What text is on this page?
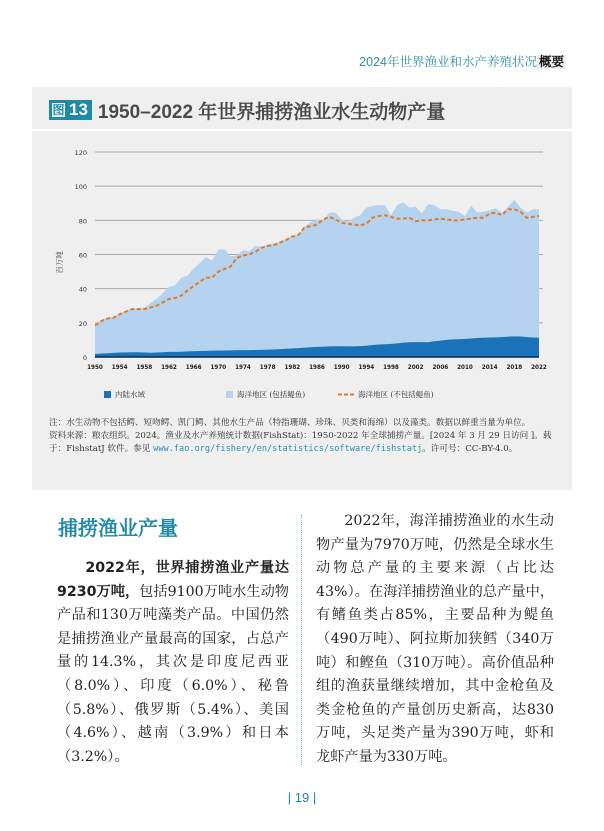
2024年世界渔业和水产养殖状况 概要
图 13 1950–2022 年世界捕捞渔业水生动物产量
0
20
40
60
80
100
120
百万吨
1950 1954 1958 1962 1966 1970 1974 1978 1982 1986 1990 1994 1998 2002 2006 2010 2014 2018 2022
内陆水域	海洋地区 (包括鳀鱼)	海洋地区 (不包括鳀鱼)
注：水生动物不包括鳄、短吻鳄、凯门鳄、其他水生产品（特指珊瑚、珍珠、贝类和海绵）以及藻类。数据以鲜重当量为单位。
资料来源：粮农组织。2024。渔业及水产养殖统计数据(FishStat)：1950-2022 年全球捕捞产量。[2024 年 3 月 29 日访问 ]。载于：FishstatJ 软件。参见 www.fao.org/fishery/en/statistics/software/fishstatj。许可号：CC-BY-4.0。
捕捞渔业产量

2022年，世界捕捞渔业产量达9230万吨，包括9100万吨水生动物产品和130万吨藻类产品。中国仍然是捕捞渔业产量最高的国家，占总产量的14.3%，其次是印度尼西亚（8.0%）、印度（6.0%）、秘鲁（5.8%）、俄罗斯（5.4%）、美国（4.6%）、越南（3.9%）和日本（3.2%）。

2022年，海洋捕捞渔业的水生动物产量为7970万吨，仍然是全球水生动物总产量的主要来源（占比达43%）。在海洋捕捞渔业的总产量中，有鳍鱼类占85%，主要品种为鳀鱼（490万吨）、阿拉斯加狭鳕（340万吨）和鲣鱼（310万吨）。高价值品种组的渔获量继续增加，其中金枪鱼及类金枪鱼的产量创历史新高，达830万吨，头足类产量为390万吨，虾和龙虾产量为330万吨。

| 19 |
